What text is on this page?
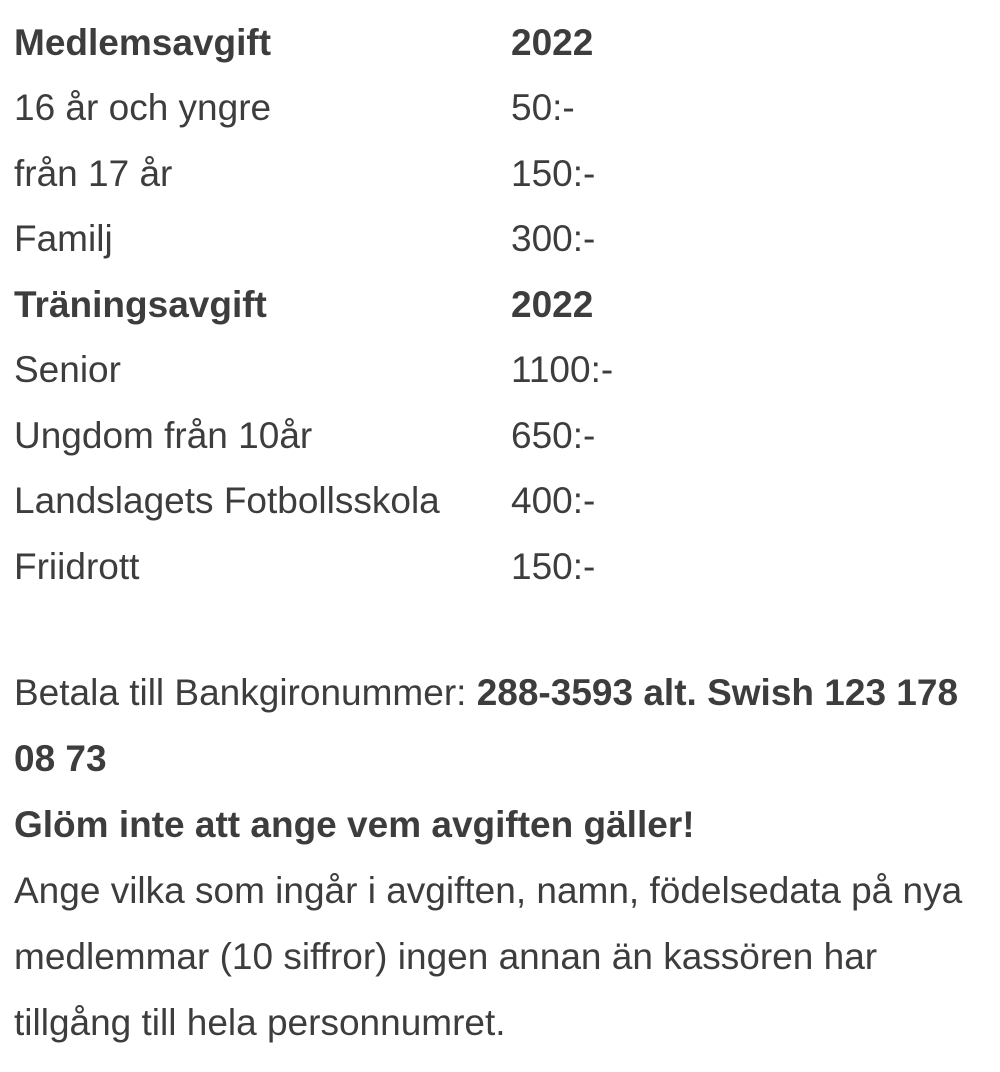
Medlemsavgift	2022
16 år och yngre	50:-
från 17 år	150:-
Familj	300:-
Träningsavgift	2022
Senior	1100:-
Ungdom från 10år	650:-
Landslagets Fotbollsskola	400:-
Friidrott	150:-

Betala till Bankgironummer: 288-3593 alt. Swish 123 178 08 73

Glöm inte att ange vem avgiften gäller!

Ange vilka som ingår i avgiften, namn, födelsedata på nya medlemmar (10 siffror) ingen annan än kassören har tillgång till hela personnumret.
